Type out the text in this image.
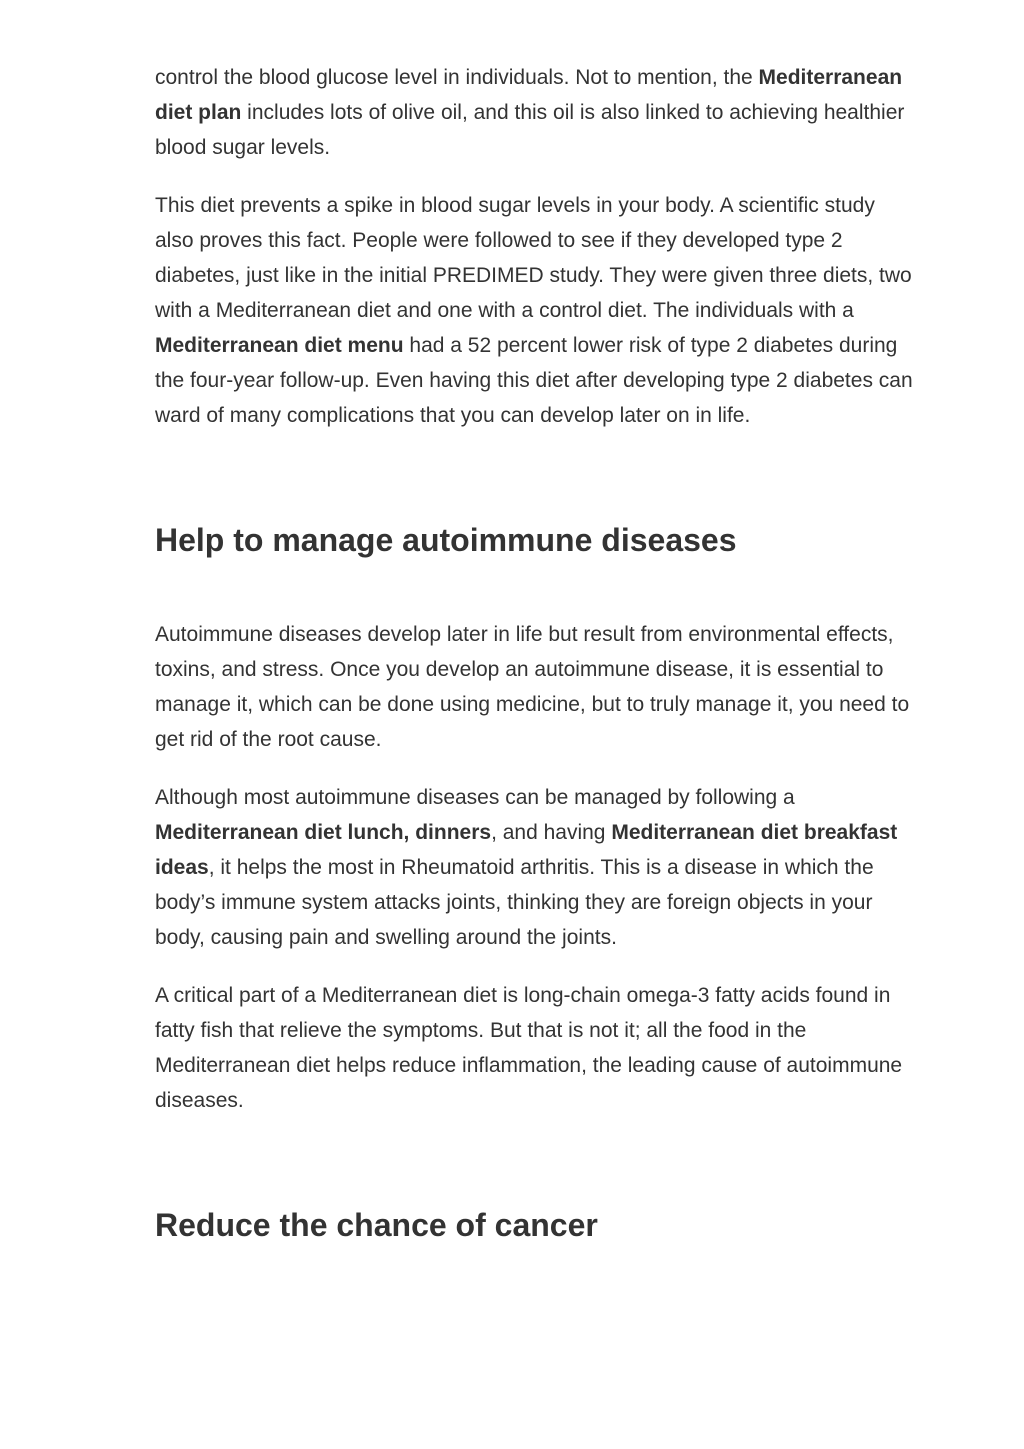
control the blood glucose level in individuals. Not to mention, the Mediterranean diet plan includes lots of olive oil, and this oil is also linked to achieving healthier blood sugar levels.

This diet prevents a spike in blood sugar levels in your body. A scientific study also proves this fact. People were followed to see if they developed type 2 diabetes, just like in the initial PREDIMED study. They were given three diets, two with a Mediterranean diet and one with a control diet. The individuals with a Mediterranean diet menu had a 52 percent lower risk of type 2 diabetes during the four-year follow-up. Even having this diet after developing type 2 diabetes can ward of many complications that you can develop later on in life.

Help to manage autoimmune diseases

Autoimmune diseases develop later in life but result from environmental effects, toxins, and stress. Once you develop an autoimmune disease, it is essential to manage it, which can be done using medicine, but to truly manage it, you need to get rid of the root cause.

Although most autoimmune diseases can be managed by following a Mediterranean diet lunch, dinners, and having Mediterranean diet breakfast ideas, it helps the most in Rheumatoid arthritis. This is a disease in which the body’s immune system attacks joints, thinking they are foreign objects in your body, causing pain and swelling around the joints.

A critical part of a Mediterranean diet is long-chain omega-3 fatty acids found in fatty fish that relieve the symptoms. But that is not it; all the food in the Mediterranean diet helps reduce inflammation, the leading cause of autoimmune diseases.

Reduce the chance of cancer
